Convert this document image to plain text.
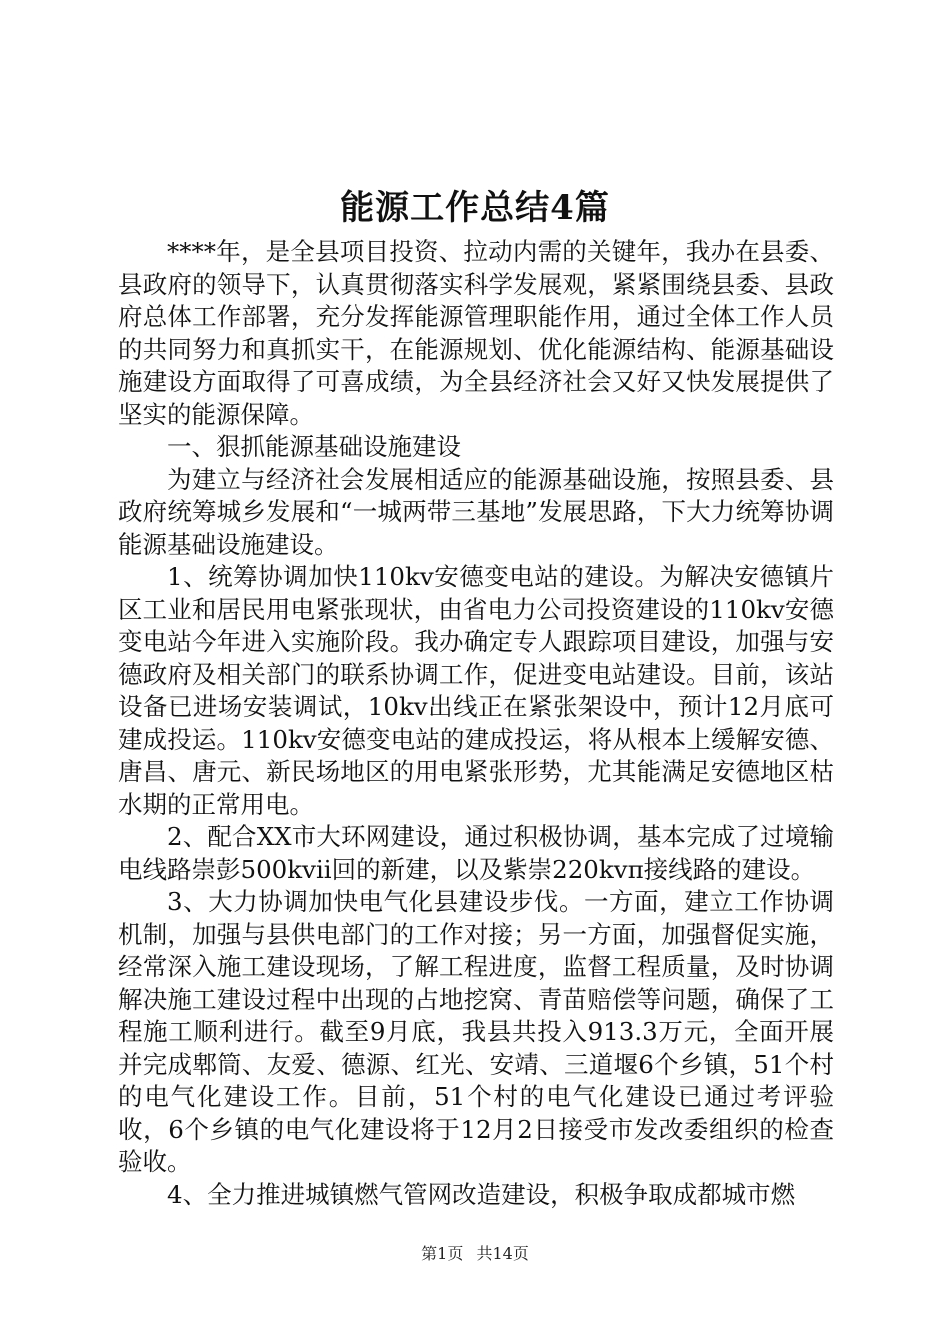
能源工作总结4篇

****年，是全县项目投资、拉动内需的关键年，我办在县委、县政府的领导下，认真贯彻落实科学发展观，紧紧围绕县委、县政府总体工作部署，充分发挥能源管理职能作用，通过全体工作人员的共同努力和真抓实干，在能源规划、优化能源结构、能源基础设施建设方面取得了可喜成绩，为全县经济社会又好又快发展提供了坚实的能源保障。

一、狠抓能源基础设施建设

为建立与经济社会发展相适应的能源基础设施，按照县委、县政府统筹城乡发展和“一城两带三基地”发展思路，下大力统筹协调能源基础设施建设。

1、统筹协调加快110kv安德变电站的建设。为解决安德镇片区工业和居民用电紧张现状，由省电力公司投资建设的110kv安德变电站今年进入实施阶段。我办确定专人跟踪项目建设，加强与安德政府及相关部门的联系协调工作，促进变电站建设。目前，该站设备已进场安装调试，10kv出线正在紧张架设中，预计12月底可建成投运。110kv安德变电站的建成投运，将从根本上缓解安德、唐昌、唐元、新民场地区的用电紧张形势，尤其能满足安德地区枯水期的正常用电。

2、配合XX市大环网建设，通过积极协调，基本完成了过境输电线路崇彭500kvii回的新建，以及紫崇220kvπ接线路的建设。

3、大力协调加快电气化县建设步伐。一方面，建立工作协调机制，加强与县供电部门的工作对接；另一方面，加强督促实施，经常深入施工建设现场，了解工程进度，监督工程质量，及时协调解决施工建设过程中出现的占地挖窝、青苗赔偿等问题，确保了工程施工顺利进行。截至9月底，我县共投入913.3万元，全面开展并完成郫筒、友爱、德源、红光、安靖、三道堰6个乡镇，51个村的电气化建设工作。目前，51个村的电气化建设已通过考评验收，6个乡镇的电气化建设将于12月2日接受市发改委组织的检查验收。

4、全力推进城镇燃气管网改造建设，积极争取成都城市燃

第1页 共14页
